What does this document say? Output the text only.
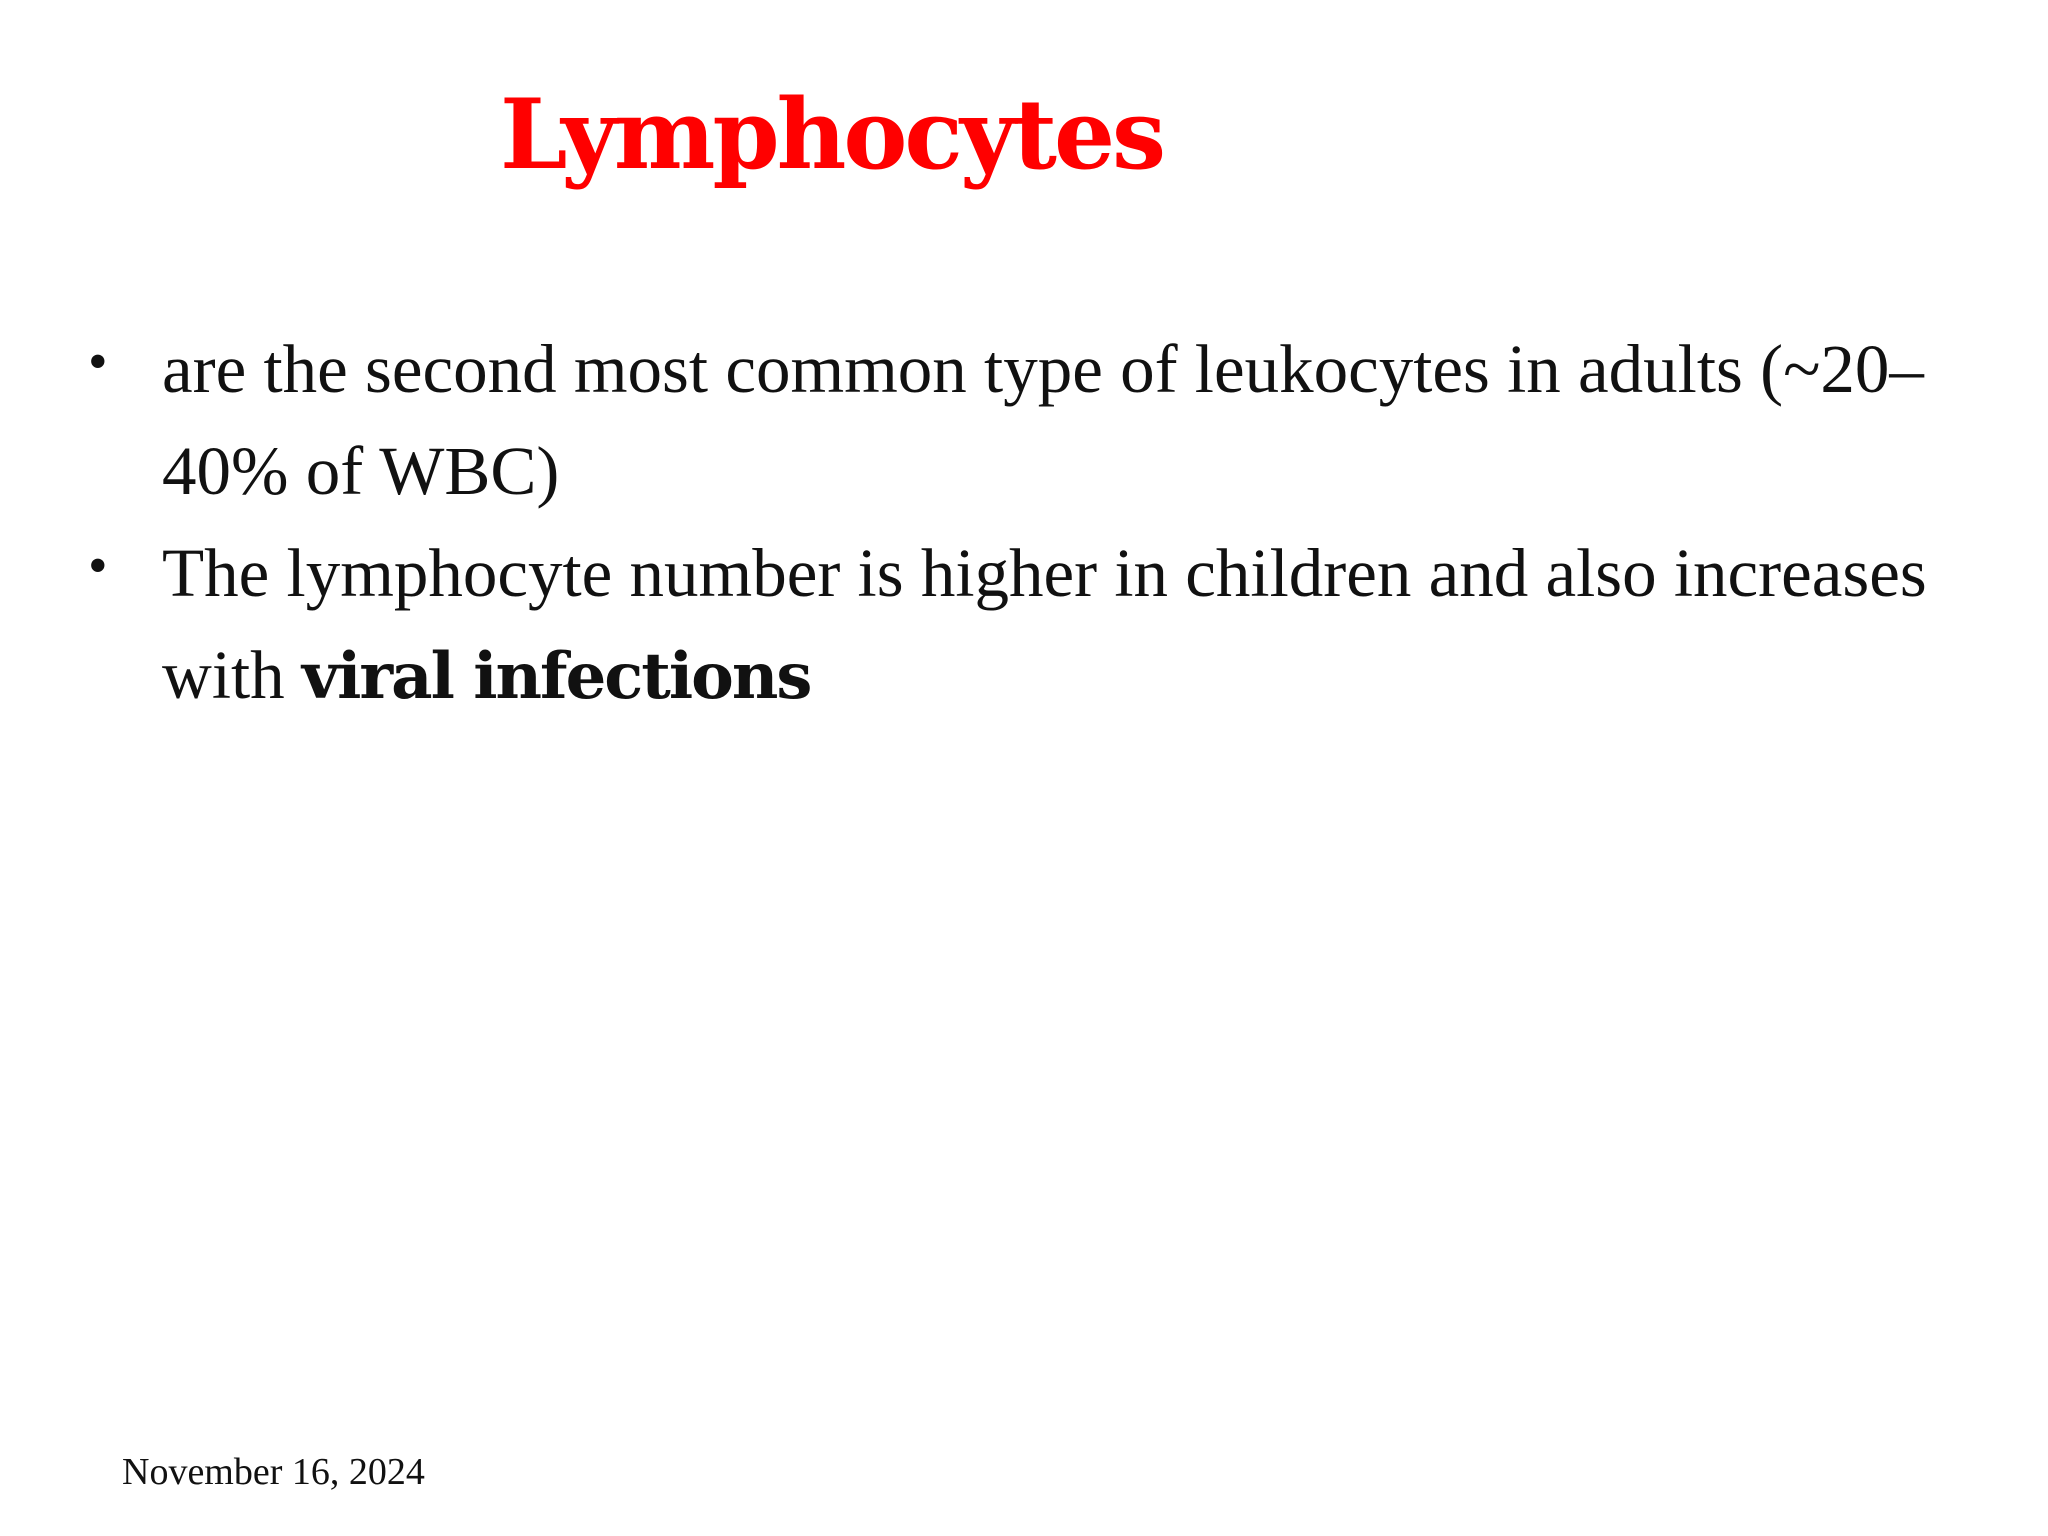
Lymphocytes
• are the second most common type of leukocytes in adults (~20–40% of WBC)
• The lymphocyte number is higher in children and also increases with viral infections
November 16, 2024
